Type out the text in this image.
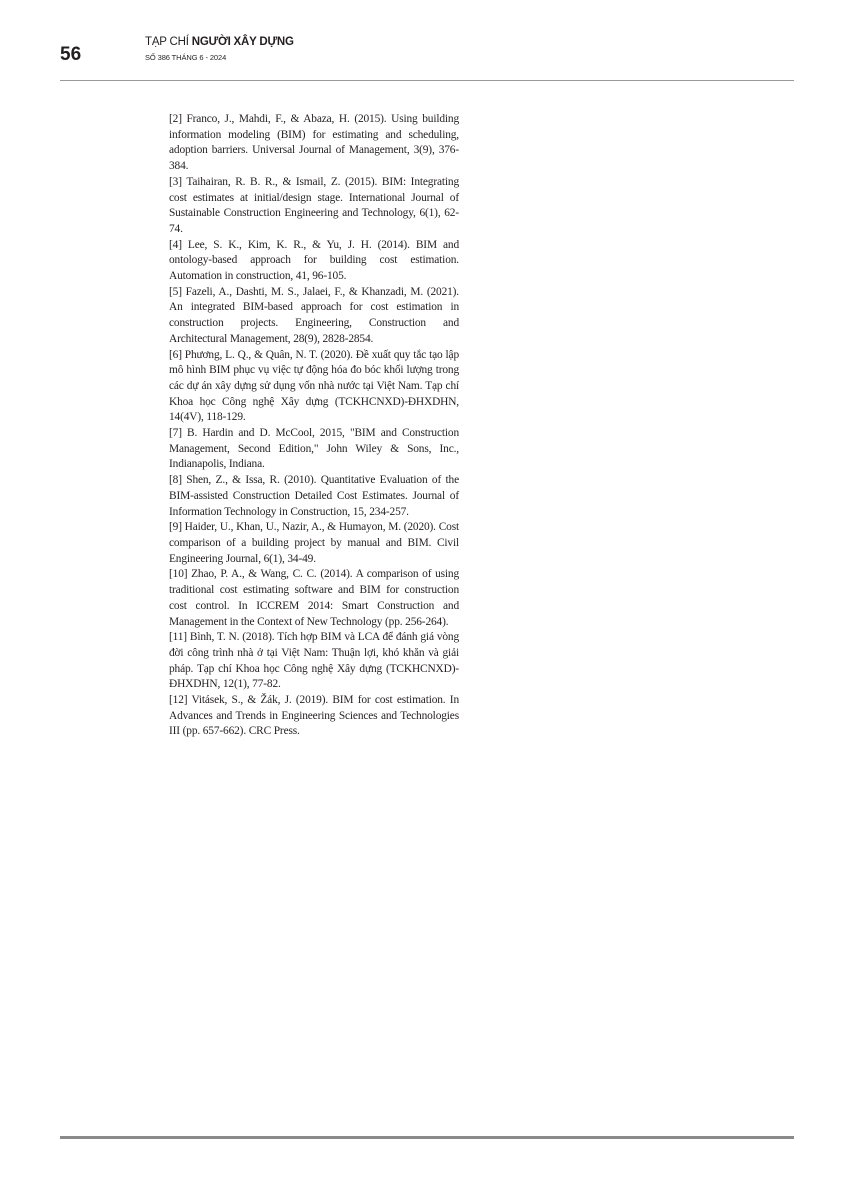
56
TẠP CHÍ NGƯỜI XÂY DỰNG
SỐ 386 THÁNG 6 - 2024
[2] Franco, J., Mahdi, F., & Abaza, H. (2015). Using building information modeling (BIM) for estimating and scheduling, adoption barriers. Universal Journal of Management, 3(9), 376-384.
[3] Taihairan, R. B. R., & Ismail, Z. (2015). BIM: Integrating cost estimates at initial/design stage. International Journal of Sustainable Construction Engineering and Technology, 6(1), 62-74.
[4] Lee, S. K., Kim, K. R., & Yu, J. H. (2014). BIM and ontology-based approach for building cost estimation. Automation in construction, 41, 96-105.
[5] Fazeli, A., Dashti, M. S., Jalaei, F., & Khanzadi, M. (2021). An integrated BIM-based approach for cost estimation in construction projects. Engineering, Construction and Architectural Management, 28(9), 2828-2854.
[6] Phương, L. Q., & Quân, N. T. (2020). Đề xuất quy tắc tạo lập mô hình BIM phục vụ việc tự động hóa đo bóc khối lượng trong các dự án xây dựng sử dụng vốn nhà nước tại Việt Nam. Tạp chí Khoa học Công nghệ Xây dựng (TCKHCNXD)-ĐHXDHN, 14(4V), 118-129.
[7] B. Hardin and D. McCool, 2015, "BIM and Construction Management, Second Edition," John Wiley & Sons, Inc., Indianapolis, Indiana.
[8] Shen, Z., & Issa, R. (2010). Quantitative Evaluation of the BIM-assisted Construction Detailed Cost Estimates. Journal of Information Technology in Construction, 15, 234-257.
[9] Haider, U., Khan, U., Nazir, A., & Humayon, M. (2020). Cost comparison of a building project by manual and BIM. Civil Engineering Journal, 6(1), 34-49.
[10] Zhao, P. A., & Wang, C. C. (2014). A comparison of using traditional cost estimating software and BIM for construction cost control. In ICCREM 2014: Smart Construction and Management in the Context of New Technology (pp. 256-264).
[11] Bình, T. N. (2018). Tích hợp BIM và LCA để đánh giá vòng đời công trình nhà ở tại Việt Nam: Thuận lợi, khó khăn và giải pháp. Tạp chí Khoa học Công nghệ Xây dựng (TCKHCNXD)-ĐHXDHN, 12(1), 77-82.
[12] Vitásek, S., & Žák, J. (2019). BIM for cost estimation. In Advances and Trends in Engineering Sciences and Technologies III (pp. 657-662). CRC Press.
